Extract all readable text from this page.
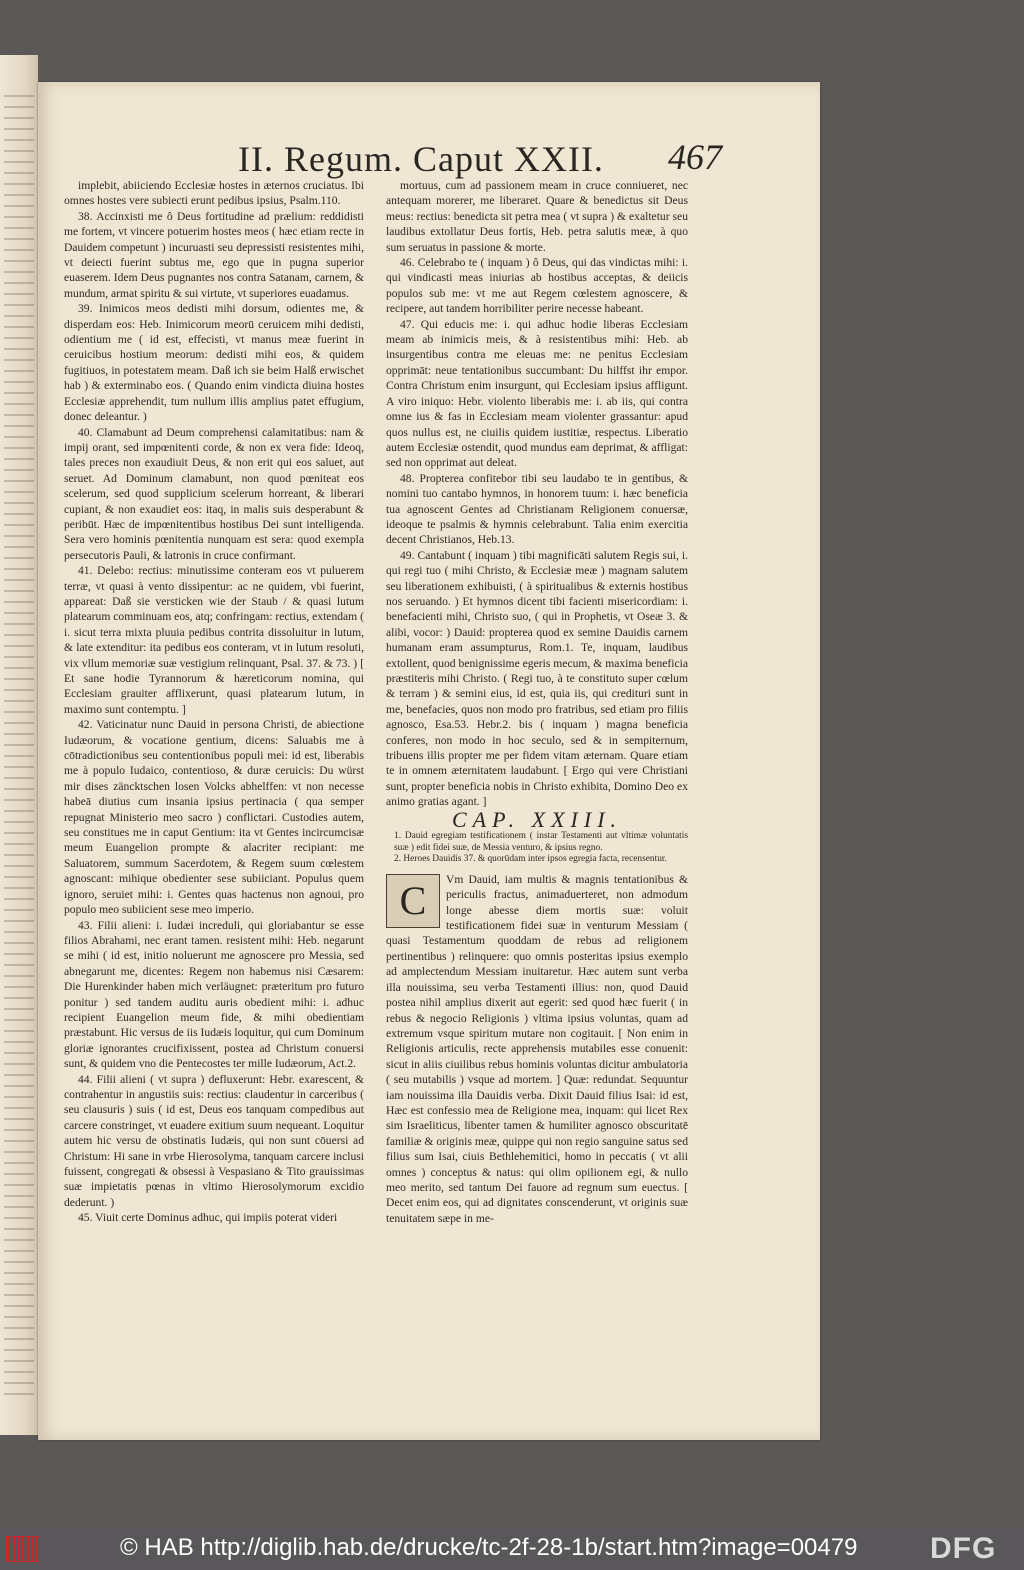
II. Regum. Caput XXII. 467

implebit, abiiciendo Ecclesiæ hostes in æternos cruciatus. Ibi omnes hostes vere subiecti erunt pedibus ipsius, Psalm.110.

38. Accinxisti me ô Deus fortitudine ad prælium: reddidisti me fortem, vt vincere potuerim hostes meos ( hæc etiam recte in Dauidem competunt ) incuruasti seu depressisti resistentes mihi, vt deiecti fuerint subtus me, ego que in pugna superior euaserem. Idem Deus pugnantes nos contra Satanam, carnem, & mundum, armat spiritu & sui virtute, vt superiores euadamus.

39. Inimicos meos dedisti mihi dorsum, odientes me, & disperdam eos: Heb. Inimicorum meorū ceruicem mihi dedisti, odientium me ( id est, effecisti, vt manus meæ fuerint in ceruicibus hostium meorum: dedisti mihi eos, & quidem fugitiuos, in potestatem meam. Daß ich sie beim Halß erwischet hab ) & exterminabo eos. ( Quando enim vindicta diuina hostes Ecclesiæ apprehendit, tum nullum illis amplius patet effugium, donec deleantur. )

40. Clamabunt ad Deum comprehensi calamitatibus: nam & impij orant, sed impœnitenti corde, & non ex vera fide: Ideoq, tales preces non exaudiuit Deus, & non erit qui eos saluet, aut seruet. Ad Dominum clamabunt, non quod pœniteat eos scelerum, sed quod supplicium scelerum horreant, & liberari cupiant, & non exaudiet eos: itaq, in malis suis desperabunt & peribūt. Hæc de impœnitentibus hostibus Dei sunt intelligenda. Sera vero hominis pœnitentia nunquam est sera: quod exempla persecutoris Pauli, & latronis in cruce confirmant.

41. Delebo: rectius: minutissime conteram eos vt puluerem terræ, vt quasi à vento dissipentur: ac ne quidem, vbi fuerint, appareat: Daß sie versticken wie der Staub / & quasi lutum platearum comminuam eos, atq; confringam: rectius, extendam ( i. sicut terra mixta pluuia pedibus contrita dissoluitur in lutum, & late extenditur: ita pedibus eos conteram, vt in lutum resoluti, vix vllum memoriæ suæ vestigium relinquant, Psal. 37. & 73. ) [ Et sane hodie Tyrannorum & hæreticorum nomina, qui Ecclesiam grauiter afflixerunt, quasi platearum lutum, in maximo sunt contemptu. ]

42. Vaticinatur nunc Dauid in persona Christi, de abiectione Iudæorum, & vocatione gentium, dicens: Saluabis me à cōtradictionibus seu contentionibus populi mei: id est, liberabis me à populo Iudaico, contentioso, & duræ ceruicis: Du würst mir dises zäncktschen losen Volcks abhelffen: vt non necesse habeā diutius cum insania ipsius pertinacia ( qua semper repugnat Ministerio meo sacro ) conflictari. Custodies autem, seu constitues me in caput Gentium: ita vt Gentes incircumcisæ meum Euangelion prompte & alacriter recipiant: me Saluatorem, summum Sacerdotem, & Regem suum cœlestem agnoscant: mihique obedienter sese subiiciant. Populus quem ignoro, seruiet mihi: i. Gentes quas hactenus non agnoui, pro populo meo subiicient sese meo imperio.

43. Filii alieni: i. Iudæi increduli, qui gloriabantur se esse filios Abrahami, nec erant tamen. resistent mihi: Heb. negarunt se mihi ( id est, initio noluerunt me agnoscere pro Messia, sed abnegarunt me, dicentes: Regem non habemus nisi Cæsarem: Die Hurenkinder haben mich verläugnet: præteritum pro futuro ponitur ) sed tandem auditu auris obedient mihi: i. adhuc recipient Euangelion meum fide, & mihi obedientiam præstabunt. Hic versus de iis Iudæis loquitur, qui cum Dominum gloriæ ignorantes crucifixissent, postea ad Christum conuersi sunt, & quidem vno die Pentecostes ter mille Iudæorum, Act.2.

44. Filii alieni ( vt supra ) defluxerunt: Hebr. exarescent, & contrahentur in angustiis suis: rectius: claudentur in carceribus ( seu clausuris ) suis ( id est, Deus eos tanquam compedibus aut carcere constringet, vt euadere exitium suum nequeant. Loquitur autem hic versu de obstinatis Iudæis, qui non sunt cōuersi ad Christum: Hi sane in vrbe Hierosolyma, tanquam carcere inclusi fuissent, congregati & obsessi à Vespasiano & Tito grauissimas suæ impietatis pœnas in vltimo Hierosolymorum excidio dederunt. )

45. Viuit certe Dominus adhuc, qui impiis poterat videri

mortuus, cum ad passionem meam in cruce conniueret, nec antequam morerer, me liberaret. Quare & benedictus sit Deus meus: rectius: benedicta sit petra mea ( vt supra ) & exaltetur seu laudibus extollatur Deus fortis, Heb. petra salutis meæ, à quo sum seruatus in passione & morte.

46. Celebrabo te ( inquam ) ô Deus, qui das vindictas mihi: i. qui vindicasti meas iniurias ab hostibus acceptas, & deiicis populos sub me: vt me aut Regem cœlestem agnoscere, & recipere, aut tandem horribiliter perire necesse habeant.

47. Qui educis me: i. qui adhuc hodie liberas Ecclesiam meam ab inimicis meis, & à resistentibus mihi: Heb. ab insurgentibus contra me eleuas me: ne penitus Ecclesiam opprimāt: neue tentationibus succumbant: Du hilffst ihr empor. Contra Christum enim insurgunt, qui Ecclesiam ipsius affligunt. A viro iniquo: Hebr. violento liberabis me: i. ab iis, qui contra omne ius & fas in Ecclesiam meam violenter grassantur: apud quos nullus est, ne ciuilis quidem iustitiæ, respectus. Liberatio autem Ecclesiæ ostendit, quod mundus eam deprimat, & affligat: sed non opprimat aut deleat.

48. Propterea confitebor tibi seu laudabo te in gentibus, & nomini tuo cantabo hymnos, in honorem tuum: i. hæc beneficia tua agnoscent Gentes ad Christianam Religionem conuersæ, ideoque te psalmis & hymnis celebrabunt. Talia enim exercitia decent Christianos, Heb.13.

49. Cantabunt ( inquam ) tibi magnificāti salutem Regis sui, i. qui regi tuo ( mihi Christo, & Ecclesiæ meæ ) magnam salutem seu liberationem exhibuisti, ( à spiritualibus & externis hostibus nos seruando. ) Et hymnos dicent tibi facienti misericordiam: i. benefacienti mihi, Christo suo, ( qui in Prophetis, vt Oseæ 3. & alibi, vocor: ) Dauid: propterea quod ex semine Dauidis carnem humanam eram assumpturus, Rom.1. Te, inquam, laudibus extollent, quod benignissime egeris mecum, & maxima beneficia præstiteris mihi Christo. ( Regi tuo, à te constituto super cœlum & terram ) & semini eius, id est, quia iis, qui credituri sunt in me, benefacies, quos non modo pro fratribus, sed etiam pro filiis agnosco, Esa.53. Hebr.2. bis ( inquam ) magna beneficia conferes, non modo in hoc seculo, sed & in sempiternum, tribuens illis propter me per fidem vitam æternam. Quare etiam te in omnem æternitatem laudabunt. [ Ergo qui vere Christiani sunt, propter beneficia nobis in Christo exhibita, Domino Deo ex animo gratias agant. ]

CAP. XXIII.

1. Dauid egregiam testificationem ( instar Testamenti aut vltimæ voluntatis suæ ) edit fidei suæ, de Messia venturo, & ipsius regno.

2. Heroes Dauidis 37. & quorūdam inter ipsos egregia facta, recensentur.

C	Vm Dauid, iam multis & magnis tentationibus & periculis fractus, animaduerteret, non admodum longe abesse diem mortis suæ: voluit testificationem fidei suæ in venturum Messiam ( quasi Testamentum quoddam de rebus ad religionem pertinentibus ) relinquere: quo omnis posteritas ipsius exemplo ad amplectendum Messiam inuitaretur. Hæc autem sunt verba illa nouissima, seu verba Testamenti illius: non, quod Dauid postea nihil amplius dixerit aut egerit: sed quod hæc fuerit ( in rebus & negocio Religionis ) vltima ipsius voluntas, quam ad extremum vsque spiritum mutare non cogitauit. [ Non enim in Religionis articulis, recte apprehensis mutabiles esse conuenit: sicut in aliis ciuilibus rebus hominis voluntas dicitur ambulatoria ( seu mutabilis ) vsque ad mortem. ] Quæ: redundat. Sequuntur iam nouissima illa Dauidis verba. Dixit Dauid filius Isai: id est, Hæc est confessio mea de Religione mea, inquam: qui licet Rex sim Israeliticus, libenter tamen & humiliter agnosco obscuritatē familiæ & originis meæ, quippe qui non regio sanguine satus sed filius sum Isai, ciuis Bethlehemitici, homo in peccatis ( vt alii omnes ) conceptus & natus: qui olim opilionem egi, & nullo meo merito, sed tantum Dei fauore ad regnum sum euectus. [ Decet enim eos, qui ad dignitates conscenderunt, vt originis suæ tenuitatem sæpe in me-

© HAB http://diglib.hab.de/drucke/tc-2f-28-1b/start.htm?image=00479 DFG
